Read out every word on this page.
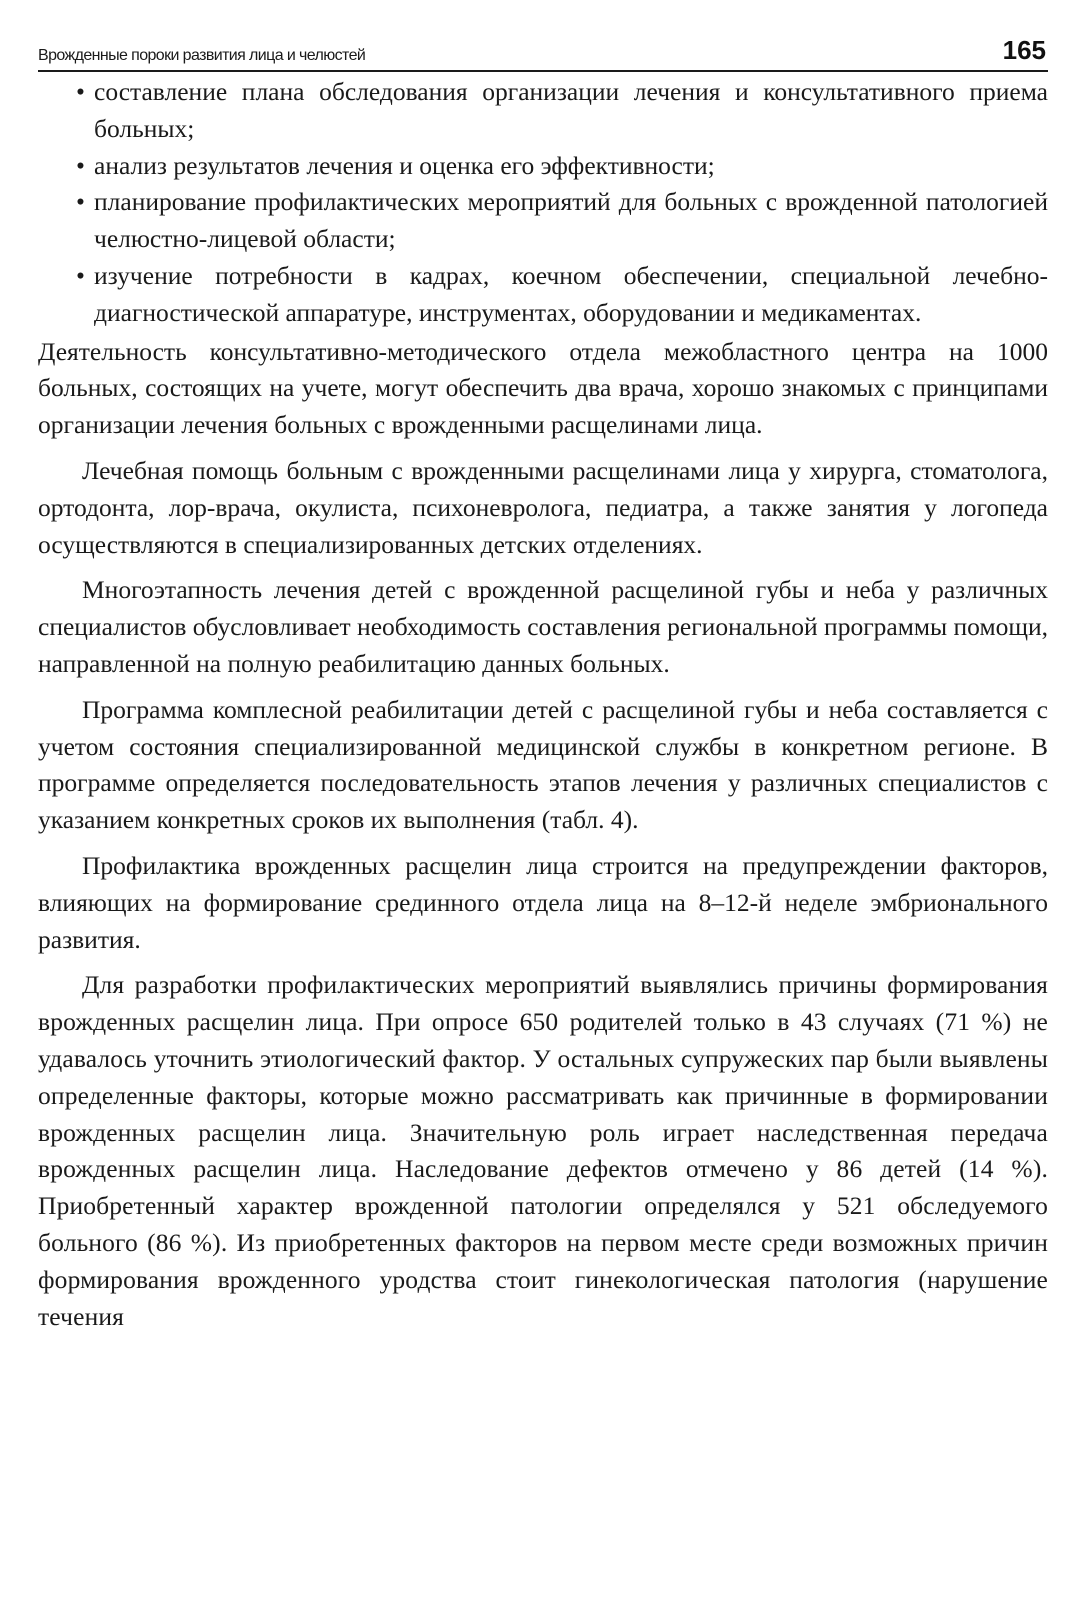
Врожденные пороки развития лица и челюстей	165
• составление плана обследования организации лечения и консультативного приема больных;
• анализ результатов лечения и оценка его эффективности;
• планирование профилактических мероприятий для больных с врожденной патологией челюстно-лицевой области;
• изучение потребности в кадрах, коечном обеспечении, специальной лечебно-диагностической аппаратуре, инструментах, оборудовании и медикаментах.

Деятельность консультативно-методического отдела межобластного центра на 1000 больных, состоящих на учете, могут обеспечить два врача, хорошо знакомых с принципами организации лечения больных с врожденными расщелинами лица.

Лечебная помощь больным с врожденными расщелинами лица у хирурга, стоматолога, ортодонта, лор-врача, окулиста, психоневролога, педиатра, а также занятия у логопеда осуществляются в специализированных детских отделениях.

Многоэтапность лечения детей с врожденной расщелиной губы и неба у различных специалистов обусловливает необходимость составления региональной программы помощи, направленной на полную реабилитацию данных больных.

Программа комплесной реабилитации детей с расщелиной губы и неба составляется с учетом состояния специализированной медицинской службы в конкретном регионе. В программе определяется последовательность этапов лечения у различных специалистов с указанием конкретных сроков их выполнения (табл. 4).

Профилактика врожденных расщелин лица строится на предупреждении факторов, влияющих на формирование срединного отдела лица на 8–12-й неделе эмбрионального развития.

Для разработки профилактических мероприятий выявлялись причины формирования врожденных расщелин лица. При опросе 650 родителей только в 43 случаях (71 %) не удавалось уточнить этиологический фактор. У остальных супружеских пар были выявлены определенные факторы, которые можно рассматривать как причинные в формировании врожденных расщелин лица. Значительную роль играет наследственная передача врожденных расщелин лица. Наследование дефектов отмечено у 86 детей (14 %). Приобретенный характер врожденной патологии определялся у 521 обследуемого больного (86 %). Из приобретенных факторов на первом месте среди возможных причин формирования врожденного уродства стоит гинекологическая патология (нарушение течения
